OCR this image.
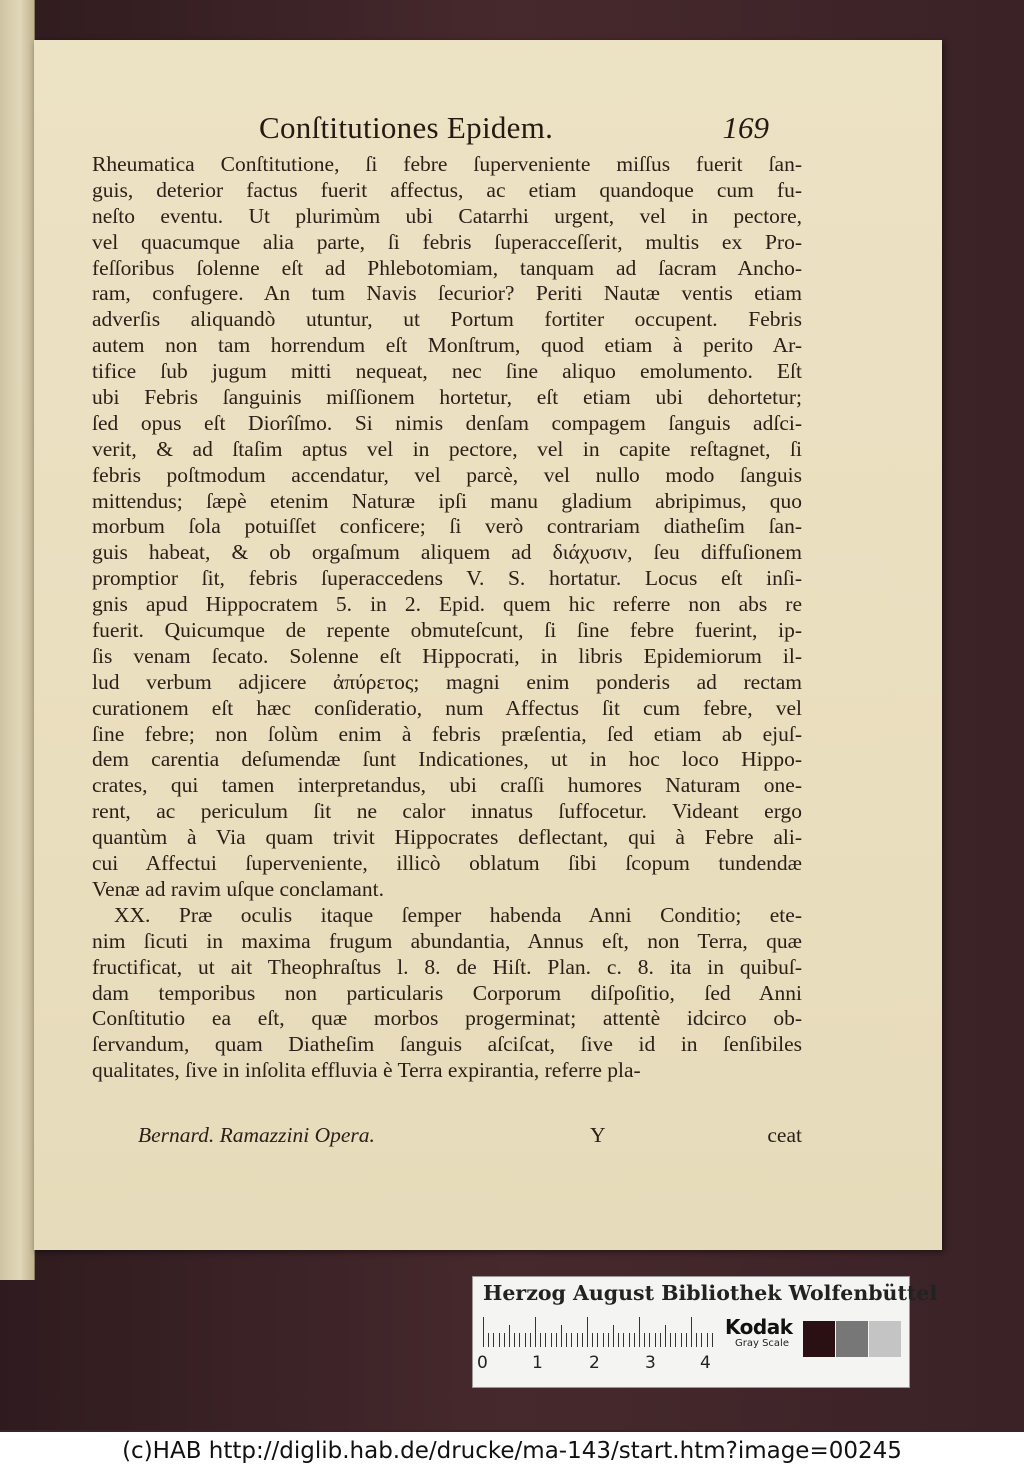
Conſtitutiones Epidem.	169
Rheumatica Conſtitutione, ſi febre ſuperveniente miſſus fuerit ſan-
guis, deterior factus fuerit affectus, ac etiam quandoque cum fu-
neſto eventu. Ut plurimùm ubi Catarrhi urgent, vel in pectore,
vel quacumque alia parte, ſi febris ſuperacceſſerit, multis ex Pro-
feſſoribus ſolenne eſt ad Phlebotomiam, tanquam ad ſacram Ancho-
ram, confugere. An tum Navis ſecurior? Periti Nautæ ventis etiam
adverſis aliquandò utuntur, ut Portum fortiter occupent. Febris
autem non tam horrendum eſt Monſtrum, quod etiam à perito Ar-
tifice ſub jugum mitti nequeat, nec ſine aliquo emolumento. Eſt
ubi Febris ſanguinis miſſionem hortetur, eſt etiam ubi dehortetur;
ſed opus eſt Diorîſmo. Si nimis denſam compagem ſanguis adſci-
verit, & ad ſtaſim aptus vel in pectore, vel in capite reſtagnet, ſi
febris poſtmodum accendatur, vel parcè, vel nullo modo ſanguis
mittendus; ſæpè etenim Naturæ ipſi manu gladium abripimus, quo
morbum ſola potuiſſet conficere; ſi verò contrariam diatheſim ſan-
guis habeat, & ob orgaſmum aliquem ad διάχυσιν, ſeu diffuſionem
promptior ſit, febris ſuperaccedens V. S. hortatur. Locus eſt inſi-
gnis apud Hippocratem 5. in 2. Epid. quem hic referre non abs re
fuerit. Quicumque de repente obmuteſcunt, ſi ſine febre fuerint, ip-
ſis venam ſecato. Solenne eſt Hippocrati, in libris Epidemiorum il-
lud verbum adjicere ἀπύρετος; magni enim ponderis ad rectam
curationem eſt hæc conſideratio, num Affectus ſit cum febre, vel
ſine febre; non ſolùm enim à febris præſentia, ſed etiam ab ejuſ-
dem carentia deſumendæ ſunt Indicationes, ut in hoc loco Hippo-
crates, qui tamen interpretandus, ubi craſſi humores Naturam one-
rent, ac periculum ſit ne calor innatus ſuffocetur. Videant ergo
quantùm à Via quam trivit Hippocrates deflectant, qui à Febre ali-
cui Affectui ſuperveniente, illicò oblatum ſibi ſcopum tundendæ
Venæ ad ravim uſque conclamant.
XX. Præ oculis itaque ſemper habenda Anni Conditio; ete-
nim ſicuti in maxima frugum abundantia, Annus eſt, non Terra, quæ
fructificat, ut ait Theophraſtus l. 8. de Hiſt. Plan. c. 8. ita in quibuſ-
dam temporibus non particularis Corporum diſpoſitio, ſed Anni
Conſtitutio ea eſt, quæ morbos progerminat; attentè idcirco ob-
ſervandum, quam Diatheſim ſanguis aſciſcat, ſive id in ſenſibiles
qualitates, ſive in inſolita effluvia è Terra expirantia, referre pla-
Bernard. Ramazzini Opera.	Y	ceat
Herzog August Bibliothek Wolfenbüttel
0	1	2	3	4
Kodak
Gray Scale
(c)HAB http://diglib.hab.de/drucke/ma-143/start.htm?image=00245
